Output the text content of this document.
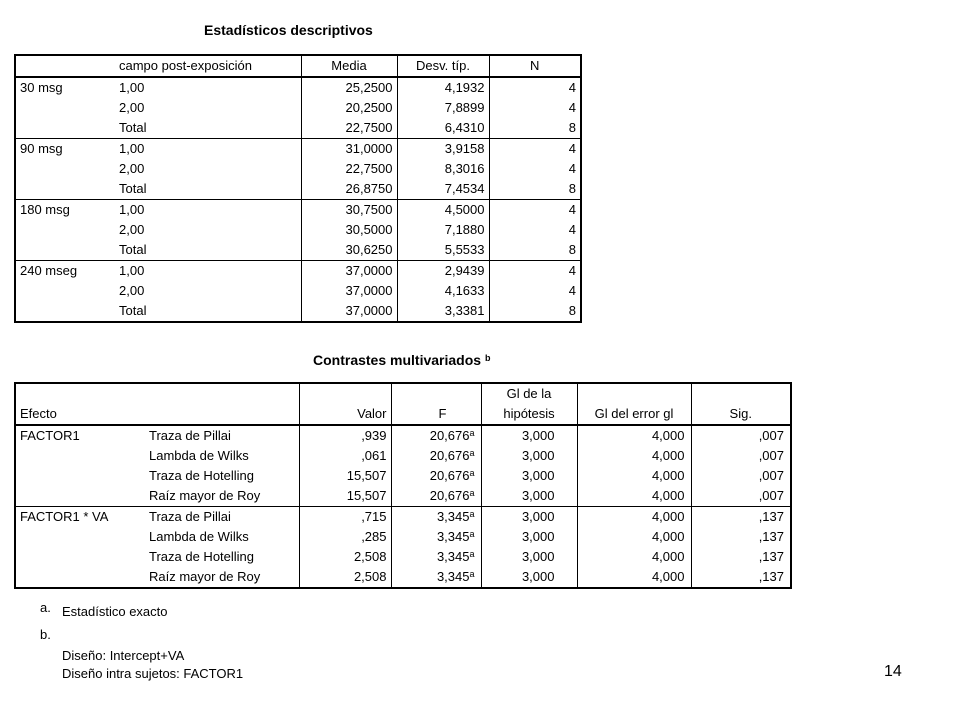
Estadísticos descriptivos
	campo post-exposición	Media	Desv. típ.	N
30 msg	1,00	25,2500	4,1932	4
	2,00	20,2500	7,8899	4
	Total	22,7500	6,4310	8
90 msg	1,00	31,0000	3,9158	4
	2,00	22,7500	8,3016	4
	Total	26,8750	7,4534	8
180 msg	1,00	30,7500	4,5000	4
	2,00	30,5000	7,1880	4
	Total	30,6250	5,5533	8
240 mseg	1,00	37,0000	2,9439	4
	2,00	37,0000	4,1633	4
	Total	37,0000	3,3381	8
Contrastes multivariados $^b$
				Gl de la		
Efecto		Valor	F	hipótesis	Gl del error gl	Sig.
FACTOR1	Traza de Pillai	,939	20,676$^a$	3,000	4,000	,007
	Lambda de Wilks	,061	20,676$^a$	3,000	4,000	,007
	Traza de Hotelling	15,507	20,676$^a$	3,000	4,000	,007
	Raíz mayor de Roy	15,507	20,676$^a$	3,000	4,000	,007
FACTOR1 * VA	Traza de Pillai	,715	3,345$^a$	3,000	4,000	,137
	Lambda de Wilks	,285	3,345$^a$	3,000	4,000	,137
	Traza de Hotelling	2,508	3,345$^a$	3,000	4,000	,137
	Raíz mayor de Roy	2,508	3,345$^a$	3,000	4,000	,137
a. Estadístico exacto
b.
Diseño: Intercept+VA
Diseño intra sujetos: FACTOR1	14
